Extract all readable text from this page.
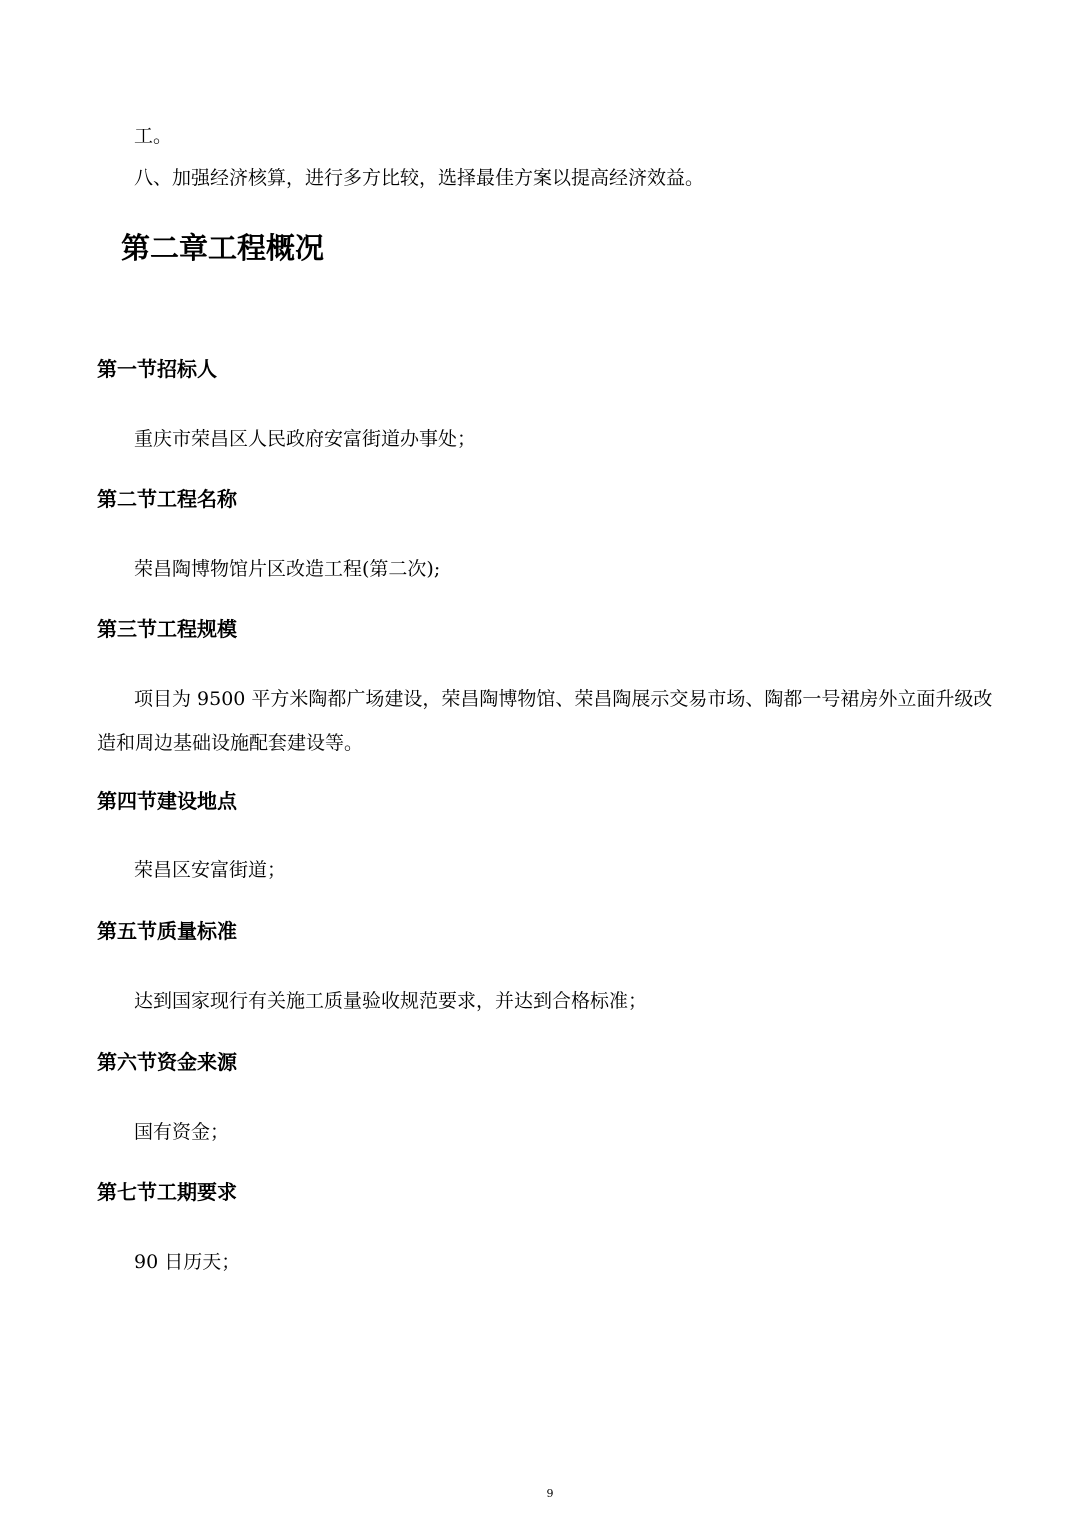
工。

八、加强经济核算，进行多方比较，选择最佳方案以提高经济效益。

第二章工程概况
第一节招标人

重庆市荣昌区人民政府安富街道办事处；

第二节工程名称

荣昌陶博物馆片区改造工程(第二次);

第三节工程规模

项目为 9500 平方米陶都广场建设，荣昌陶博物馆、荣昌陶展示交易市场、陶都一号裙房外立面升级改

造和周边基础设施配套建设等。

第四节建设地点

荣昌区安富街道；

第五节质量标准

达到国家现行有关施工质量验收规范要求，并达到合格标准；

第六节资金来源

国有资金；

第七节工期要求

90 日历天；

9
